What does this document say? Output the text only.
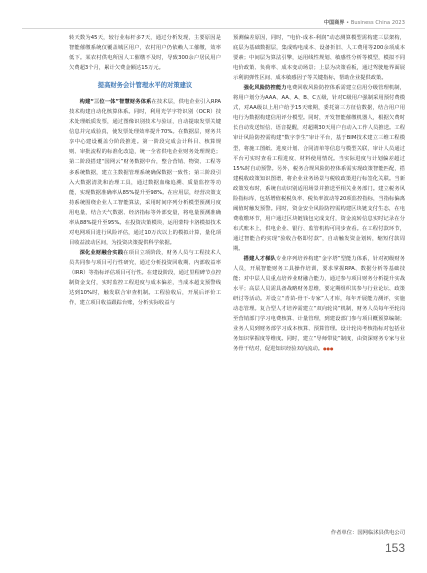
中国商界 • Business China 2023

转天数为45天，较行业标杆多7天，通过分析发现，主要原因是智能催缴系统仅覆盖城区用户，农村用户仍依赖人工催缴，效率低下。某农村供电所因人工催缴不及时，导致300余户居民用户欠费超3个月，累计欠费金额达15万元。

提高财务会计管理水平的对策建议

构建“三位一体”智慧财务体系在技术层，供电企业引入RPA技术构建自动化核算体系。同时，利用光学字符识别（OCR）技术处理纸质发票，通过图像识别技术与验证，自动提取发票关键信息并完成验真，使发票处理效率提升70%。在数据层，财务共享中心建设覆盖分阶段推进。第一阶段完成会计科目、核算规则、审批流程的标准化改造，统一全省供电企业财务处理规范；第二阶段搭建“国网云”财务数据中台，整合营销、物资、工程等多系统数据，建立主数据管理系统确保数据一致性；第三阶段引入大数据清洗和治理工具，通过数据血缘追溯、质量监控等功能，实现数据准确率从85%提升至98%。在应用层，经营决策支持系统围绕企业人工智能算法，采用时间序列分析模型预测月度用电量，结合天气数据、经济指标等外部变量，将电量预测准确率从88%提升至95%。在投资决策模块，运用蒙特卡洛模拟技术对电网项目进行风险评估，通过10万次以上的模拟计算，量化项目收益波动区间，为投资决策提供科学依据。

深化业财融合实践在项目立项阶段，财务人员与工程技术人员共同参与项目可行性研究，通过分析投资回收期、内部收益率（IRR）等指标评估项目可行性。在建设阶段，通过里程碑节点控制资金支付，实时监控工程进度与成本偏差，当成本超支预警线达到10%时，触发联合审查机制。工程验收后，开展后评价工作，建立项目收益跟踪台账，分析实际收益与

预测偏差原因，同时，“电价-成本-利润”动态测算模型需构建三层架构，底层为基础数据层，集成购电成本、设备折旧、人工费用等200余项成本要素；中间层为算法引擎，运用线性规划、敏感性分析等模型，模拟不同电价政策、负荷率、成本变动场景；上层为决策看板，通过驾驶舱界面展示利润弹性区间、成本敏感因子等关键指标，帮助企业提供政策。

强化风险防控能力电费回收风险防控体系需建立信用分级管理机制，将用户划分为AAA、AA、A、B、C五级，针对C级用户强制采用预付费模式，对AA级以上用户给予15天账期，委托第三方征信数据，结合用户用电行为数据构建信用评分模型。同时，开发智能催缴机器人，根据欠费时长自动发送短信、语音提醒，对超期30天用户自动入工作人员推送。工程审计风险防控需构建“数字孪生”审计平台，基于BIM技术建立三维工程模型，将施工图纸、进度计划、合同清单等信息与模型关联，审计人员通过平台可实时查看工程进度、材料使用情况。当实际进度与计划偏差超过15%时自动预警。另外，税务合规风险防控体系需实现政策智能匹配，搭建税收政策知识图谱，将企业业务场景与税收政策进行标签化关联。当新政策发布时，系统自动识别适用场景并推送至相关业务部门。建立税务风险指标库，包括增值税税负率、税负率波动等20项监控指标，当指标偏离阈值时触发预警。同时，资金安全风险防控需构建区块链支付生态，在电费收缴环节，用户通过区块链钱包完成支付，资金流转信息实时记录在分布式账本上，供电企业、银行、监管机构可同步查看。在工程付款环节，通过智能合约实现“验收合格即付款”，自动触发资金划转，缩短付款周期。

搭建人才梯队专业序列培养构建“金字塔”型能力体系，针对初级财务人员，开展智能财务工具操作培训，要求掌握RPA、数据分析等基础技能；对中层人员重点培养业财融合能力，通过参与项目财务分析提升实战水平；高层人员需具备战略财务思维，要定期组织其参与行业论坛、政策研讨等活动。并设立“青苗-骨干-专家”人才库，每年开展能力测评，实施动态管理。复合型人才培养需建立“双向轮岗”机制，财务人员每年至轮岗至营销部门学习电费核算、计量管理，到建设部门参与项目概预算编制；业务人员到财务部学习成本核算、预算管理。设计轮岗考核指标对包括业务知识掌握度等维度。同时，建立“导师带徒”制度，由资深财务专家与业务骨干结对，促进知识经验双向流动。●●●

作者单位：国网临沭县供电公司
153
